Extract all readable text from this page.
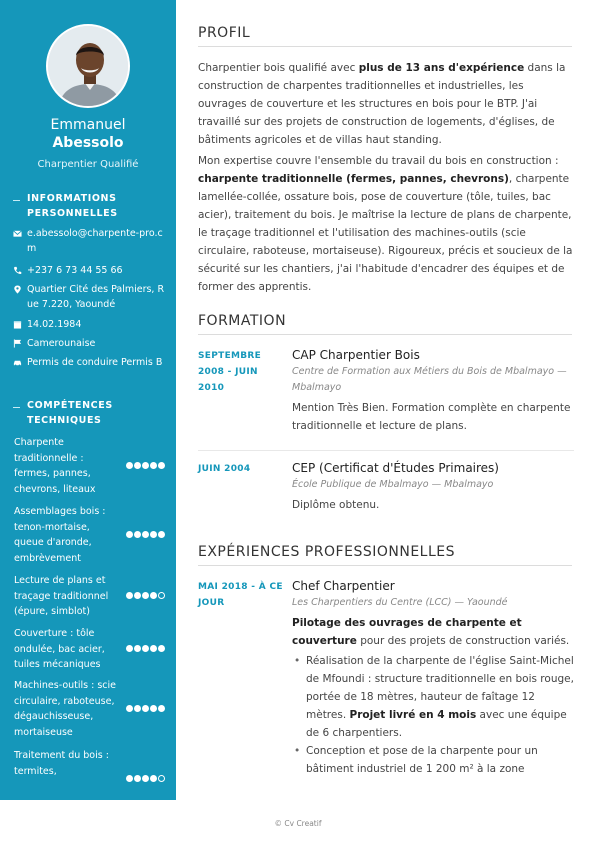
Emmanuel
Abessolo
Charpentier Qualifié
INFORMATIONS PERSONNELLES
e.abessolo@charpente-pro.cm
+237 6 73 44 55 66
Quartier Cité des Palmiers, Rue 7.220, Yaoundé
14.02.1984
Camerounaise
Permis de conduire Permis B
COMPÉTENCES TECHNIQUES
Charpente traditionnelle : fermes, pannes, chevrons, liteaux
Assemblages bois : tenon-mortaise, queue d'aronde, embrèvement
Lecture de plans et traçage traditionnel (épure, simblot)
Couverture : tôle ondulée, bac acier, tuiles mécaniques
Machines-outils : scie circulaire, raboteuse, dégauchisseuse, mortaiseuse
Traitement du bois : termites,
PROFIL

Charpentier bois qualifié avec plus de 13 ans d'expérience dans la construction de charpentes traditionnelles et industrielles, les ouvrages de couverture et les structures en bois pour le BTP. J'ai travaillé sur des projets de construction de logements, d'églises, de bâtiments agricoles et de villas haut standing.

Mon expertise couvre l'ensemble du travail du bois en construction : charpente traditionnelle (fermes, pannes, chevrons), charpente lamellée-collée, ossature bois, pose de couverture (tôle, tuiles, bac acier), traitement du bois. Je maîtrise la lecture de plans de charpente, le traçage traditionnel et l'utilisation des machines-outils (scie circulaire, raboteuse, mortaiseuse). Rigoureux, précis et soucieux de la sécurité sur les chantiers, j'ai l'habitude d'encadrer des équipes et de former des apprentis.

FORMATION
SEPTEMBRE 2008 - JUIN 2010
CAP Charpentier Bois
Centre de Formation aux Métiers du Bois de Mbalmayo — Mbalmayo
Mention Très Bien. Formation complète en charpente traditionnelle et lecture de plans.
JUIN 2004	CEP (Certificat d'Études Primaires)
École Publique de Mbalmayo — Mbalmayo
Diplôme obtenu.
EXPÉRIENCES PROFESSIONNELLES
MAI 2018 - À CE JOUR
Chef Charpentier
Les Charpentiers du Centre (LCC) — Yaoundé
Pilotage des ouvrages de charpente et couverture pour des projets de construction variés.
• Réalisation de la charpente de l'église Saint-Michel de Mfoundi : structure traditionnelle en bois rouge, portée de 18 mètres, hauteur de faîtage 12 mètres. Projet livré en 4 mois avec une équipe de 6 charpentiers.
• Conception et pose de la charpente pour un bâtiment industriel de 1 200 m² à la zone
© Cv Creatif
